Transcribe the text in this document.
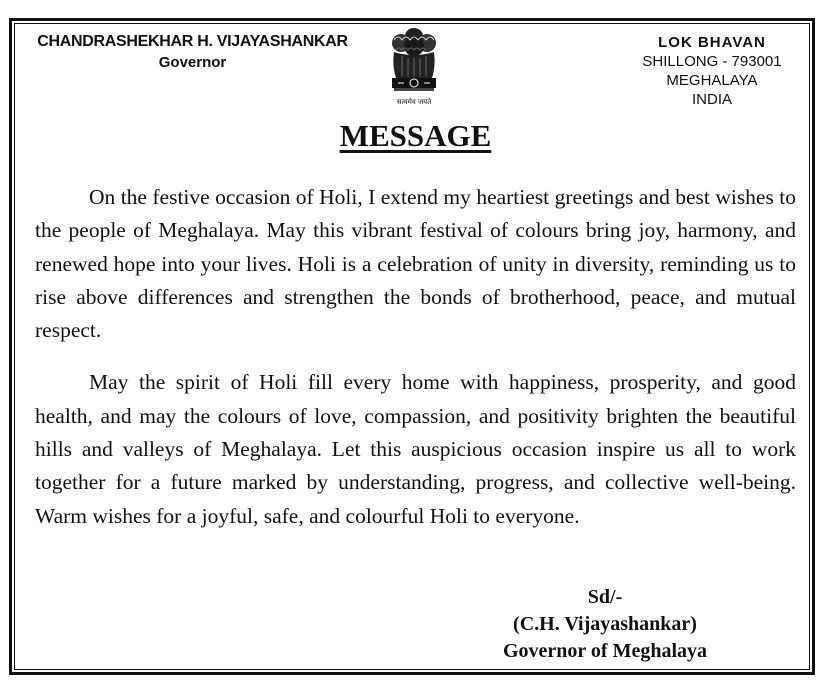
CHANDRASHEKHAR H. VIJAYASHANKAR
Governor
सत्यमेव जयते
LOK BHAVAN
SHILLONG - 793001
MEGHALAYA
INDIA
MESSAGE

On the festive occasion of Holi, I extend my heartiest greetings and best wishes to the people of Meghalaya. May this vibrant festival of colours bring joy, harmony, and renewed hope into your lives. Holi is a celebration of unity in diversity, reminding us to rise above differences and strengthen the bonds of brotherhood, peace, and mutual respect.

May the spirit of Holi fill every home with happiness, prosperity, and good health, and may the colours of love, compassion, and positivity brighten the beautiful hills and valleys of Meghalaya. Let this auspicious occasion inspire us all to work together for a future marked by understanding, progress, and collective well-being. Warm wishes for a joyful, safe, and colourful Holi to everyone.

Sd/-
(C.H. Vijayashankar)
Governor of Meghalaya
